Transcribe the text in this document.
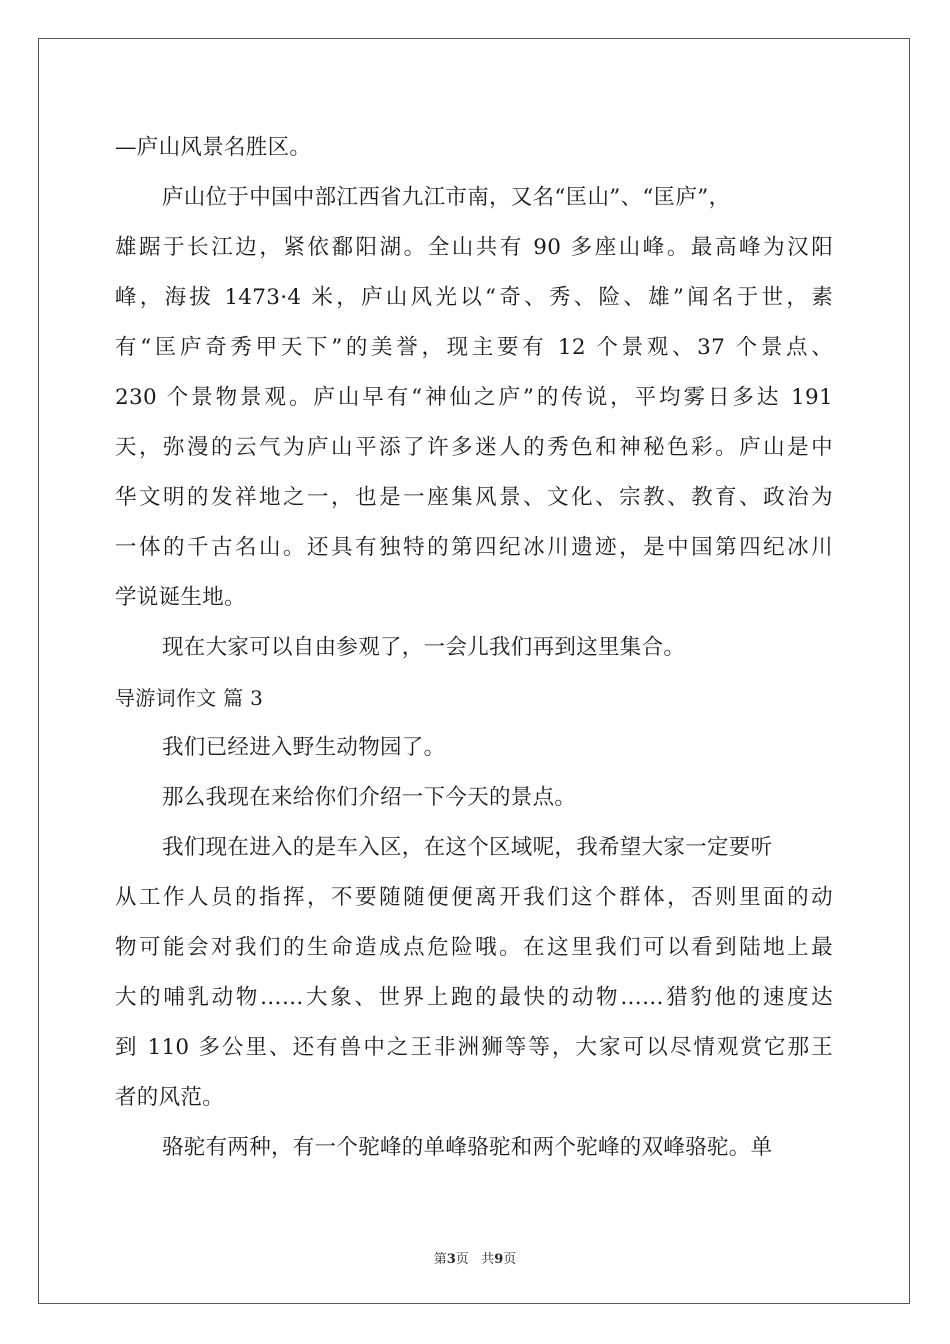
—庐山风景名胜区。
庐山位于中国中部江西省九江市南，又名“匡山”、“匡庐”，
雄踞于长江边，紧依鄱阳湖。全山共有 90 多座山峰。最高峰为汉阳
峰，海拔 1473·4 米，庐山风光以“奇、秀、险、雄”闻名于世，素
有“匡庐奇秀甲天下”的美誉，现主要有 12 个景观、37 个景点、
230 个景物景观。庐山早有“神仙之庐”的传说，平均雾日多达 191
天，弥漫的云气为庐山平添了许多迷人的秀色和神秘色彩。庐山是中
华文明的发祥地之一，也是一座集风景、文化、宗教、教育、政治为
一体的千古名山。还具有独特的第四纪冰川遗迹，是中国第四纪冰川
学说诞生地。
现在大家可以自由参观了，一会儿我们再到这里集合。
导游词作文 篇 3
我们已经进入野生动物园了。
那么我现在来给你们介绍一下今天的景点。
我们现在进入的是车入区，在这个区域呢，我希望大家一定要听
从工作人员的指挥，不要随随便便离开我们这个群体，否则里面的动
物可能会对我们的生命造成点危险哦。在这里我们可以看到陆地上最
大的哺乳动物……大象、世界上跑的最快的动物……猎豹他的速度达
到 110 多公里、还有兽中之王非洲狮等等，大家可以尽情观赏它那王
者的风范。
骆驼有两种，有一个驼峰的单峰骆驼和两个驼峰的双峰骆驼。单
第3页   共9页
